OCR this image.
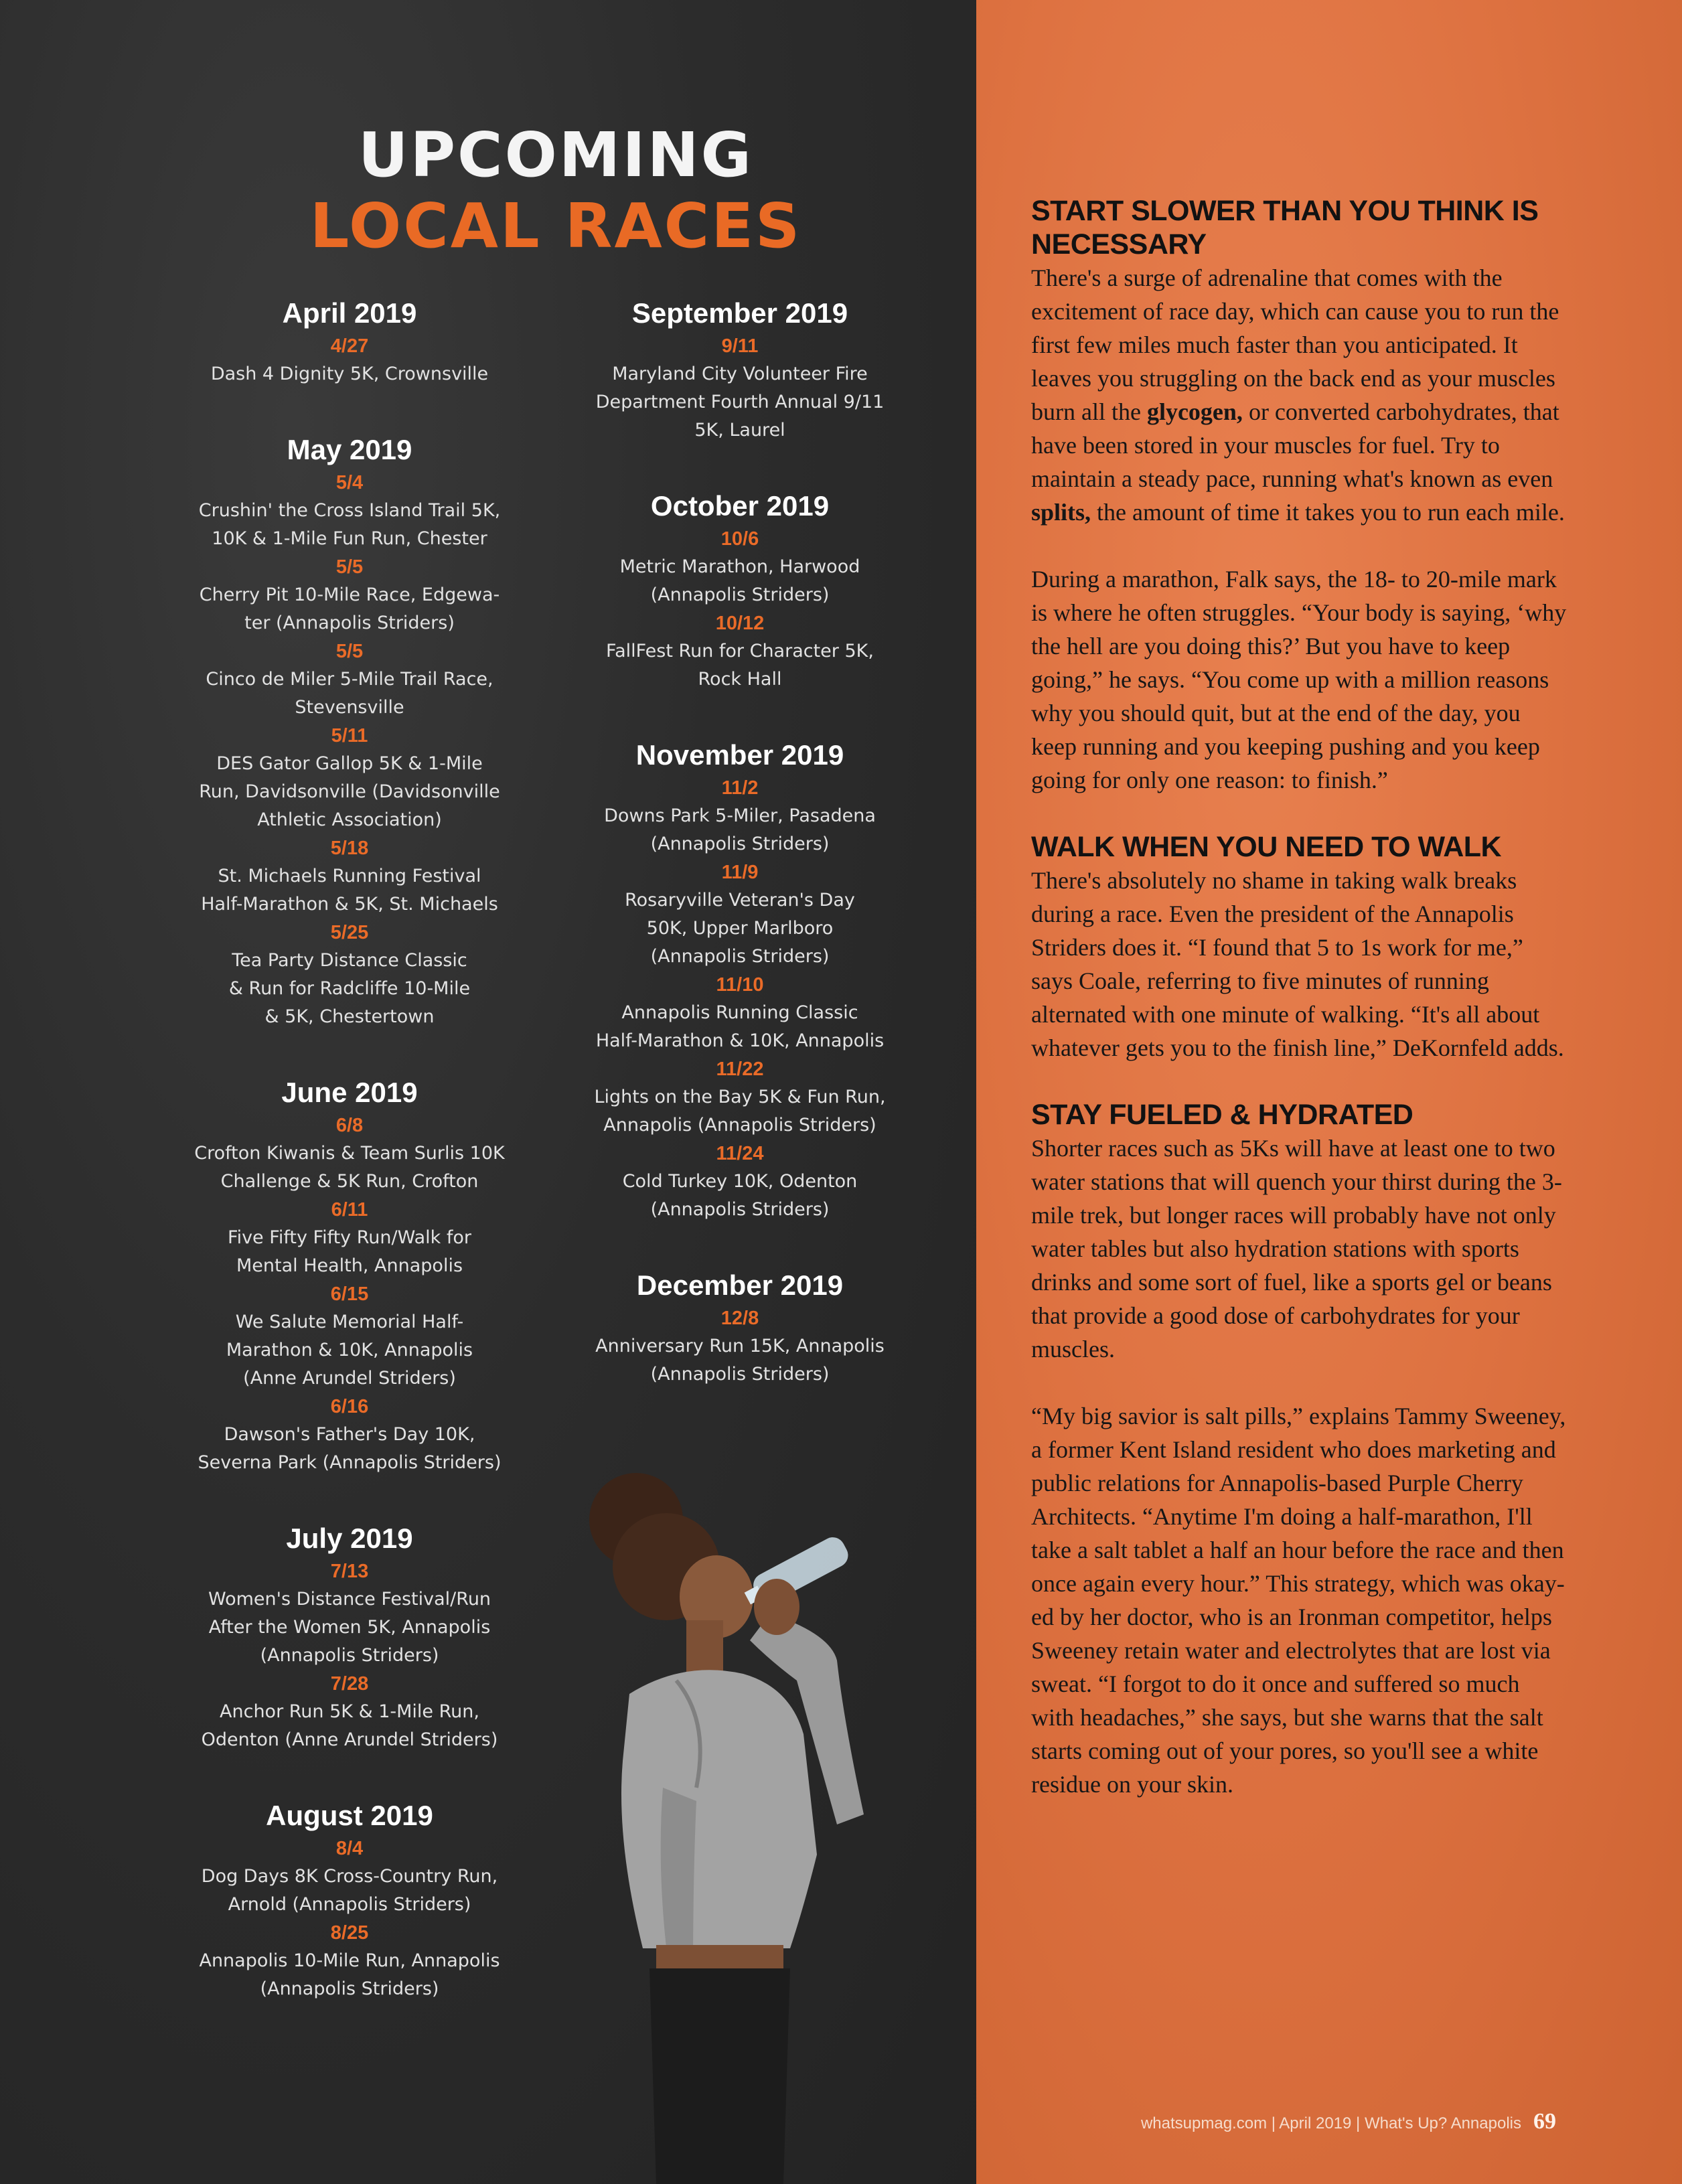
UPCOMING
LOCAL RACES
April 2019
4/27
Dash 4 Dignity 5K, Crownsville
May 2019
5/4
Crushin' the Cross Island Trail 5K,
10K & 1-Mile Fun Run, Chester
5/5
Cherry Pit 10-Mile Race, Edgewa-
ter (Annapolis Striders)
5/5
Cinco de Miler 5-Mile Trail Race,
Stevensville
5/11
DES Gator Gallop 5K & 1-Mile
Run, Davidsonville (Davidsonville
Athletic Association)
5/18
St. Michaels Running Festival
Half-Marathon & 5K, St. Michaels
5/25
Tea Party Distance Classic
& Run for Radcliffe 10-Mile
& 5K, Chestertown
June 2019
6/8
Crofton Kiwanis & Team Surlis 10K
Challenge & 5K Run, Crofton
6/11
Five Fifty Fifty Run/Walk for
Mental Health, Annapolis
6/15
We Salute Memorial Half-
Marathon & 10K, Annapolis
(Anne Arundel Striders)
6/16
Dawson's Father's Day 10K,
Severna Park (Annapolis Striders)
July 2019
7/13
Women's Distance Festival/Run
After the Women 5K, Annapolis
(Annapolis Striders)
7/28
Anchor Run 5K & 1-Mile Run,
Odenton (Anne Arundel Striders)
August 2019
8/4
Dog Days 8K Cross-Country Run,
Arnold (Annapolis Striders)
8/25
Annapolis 10-Mile Run, Annapolis
(Annapolis Striders)
September 2019
9/11
Maryland City Volunteer Fire
Department Fourth Annual 9/11
5K, Laurel
October 2019
10/6
Metric Marathon, Harwood
(Annapolis Striders)
10/12
FallFest Run for Character 5K,
Rock Hall
November 2019
11/2
Downs Park 5-Miler, Pasadena
(Annapolis Striders)
11/9
Rosaryville Veteran's Day
50K, Upper Marlboro
(Annapolis Striders)
11/10
Annapolis Running Classic
Half-Marathon & 10K, Annapolis
11/22
Lights on the Bay 5K & Fun Run,
Annapolis (Annapolis Striders)
11/24
Cold Turkey 10K, Odenton
(Annapolis Striders)
December 2019
12/8
Anniversary Run 15K, Annapolis
(Annapolis Striders)
START SLOWER THAN YOU THINK IS NECESSARY

There's a surge of adrenaline that comes with the excitement of race day, which can cause you to run the first few miles much faster than you anticipated. It leaves you struggling on the back end as your muscles burn all the glycogen, or converted carbohydrates, that have been stored in your muscles for fuel. Try to maintain a steady pace, running what's known as even splits, the amount of time it takes you to run each mile.

During a marathon, Falk says, the 18- to 20-mile mark is where he often struggles. “Your body is saying, ‘why the hell are you doing this?’ But you have to keep going,” he says. “You come up with a million reasons why you should quit, but at the end of the day, you keep running and you keeping pushing and you keep going for only one reason: to finish.”

WALK WHEN YOU NEED TO WALK

There's absolutely no shame in taking walk breaks during a race. Even the president of the Annapolis Striders does it. “I found that 5 to 1s work for me,” says Coale, referring to five minutes of running alternated with one minute of walking. “It's all about whatever gets you to the finish line,” DeKornfeld adds.

STAY FUELED & HYDRATED

Shorter races such as 5Ks will have at least one to two water stations that will quench your thirst during the 3-mile trek, but longer races will probably have not only water tables but also hydration stations with sports drinks and some sort of fuel, like a sports gel or beans that provide a good dose of carbohydrates for your muscles.

“My big savior is salt pills,” explains Tammy Sweeney, a former Kent Island resident who does marketing and public relations for Annapolis-based Purple Cherry Architects. “Anytime I'm doing a half-marathon, I'll take a salt tablet a half an hour before the race and then once again every hour.” This strategy, which was okay-ed by her doctor, who is an Ironman competitor, helps Sweeney retain water and electrolytes that are lost via sweat. “I forgot to do it once and suffered so much with headaches,” she says, but she warns that the salt starts coming out of your pores, so you'll see a white residue on your skin.

whatsupmag.com | April 2019 | What's Up? Annapolis 69
